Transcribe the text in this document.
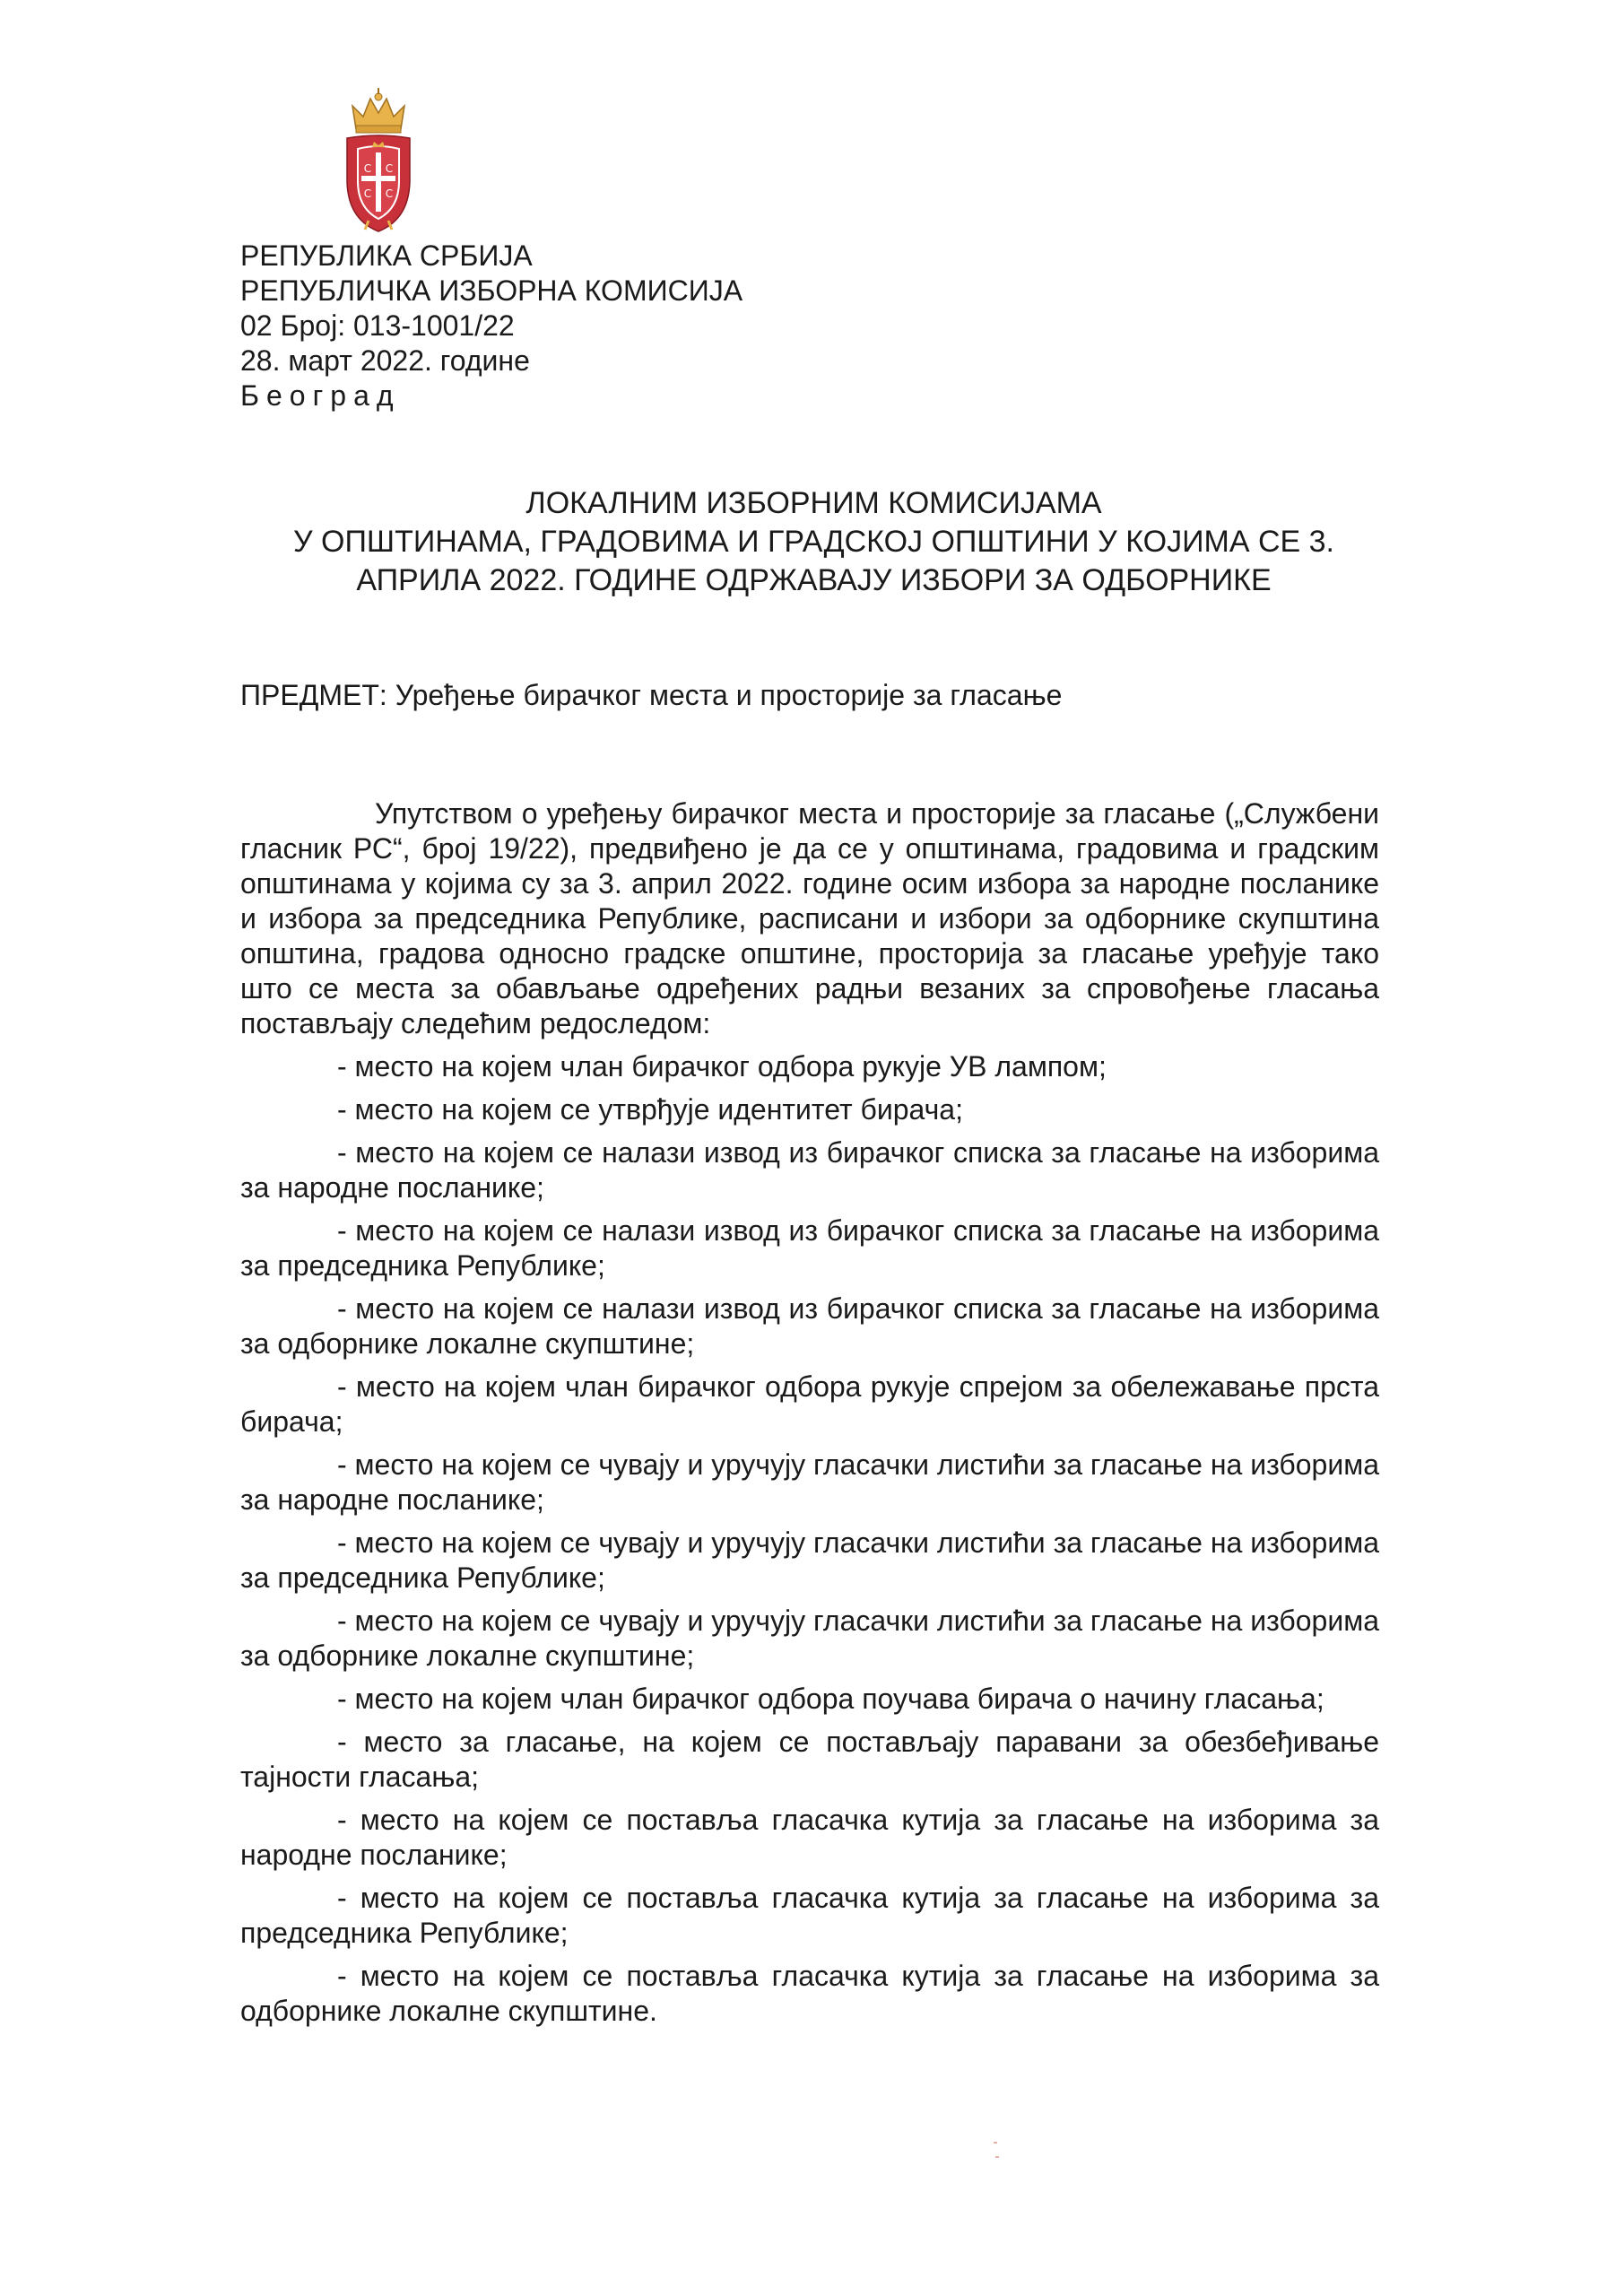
С С
С С
РЕПУБЛИКА СРБИЈА
РЕПУБЛИЧКА ИЗБОРНА КОМИСИЈА
02 Број: 013-1001/22
28. март 2022. године
Београд
ЛОКАЛНИМ ИЗБОРНИМ КОМИСИЈАМА
У ОПШТИНАМА, ГРАДОВИМА И ГРАДСКОЈ ОПШТИНИ У КОЈИМА СЕ 3.
АПРИЛА 2022. ГОДИНЕ ОДРЖАВАЈУ ИЗБОРИ ЗА ОДБОРНИКЕ
ПРЕДМЕТ: Уређење бирачког места и просторије за гласање

Упутством о уређењу бирачког места и просторије за гласање („Службени гласник РС“, број 19/22), предвиђено је да се у општинама, градовима и градским општинама у којима су за 3. април 2022. године осим избора за народне посланике и избора за председника Републике, расписани и избори за одборнике скупштина општина, градова односно градске општине, просторија за гласање уређује тако што се места за обављање одређених радњи везаних за спровођење гласања постављају следећим редоследом:

- место на којем члан бирачког одбора рукује УВ лампом;
- место на којем се утврђује идентитет бирача;
- место на којем се налази извод из бирачког списка за гласање на изборима за народне посланике;
- место на којем се налази извод из бирачког списка за гласање на изборима за председника Републике;
- место на којем се налази извод из бирачког списка за гласање на изборима за одборнике локалне скупштине;
- место на којем члан бирачког одбора рукује спрејом за обележавање прста бирача;
- место на којем се чувају и уручују гласачки листићи за гласање на изборима за народне посланике;
- место на којем се чувају и уручују гласачки листићи за гласање на изборима за председника Републике;
- место на којем се чувају и уручују гласачки листићи за гласање на изборима за одборнике локалне скупштине;
- место на којем члан бирачког одбора поучава бирача о начину гласања;
- место за гласање, на којем се постављају паравани за обезбеђивање тајности гласања;
- место на којем се поставља гласачка кутија за гласање на изборима за народне посланике;
- место на којем се поставља гласачка кутија за гласање на изборима за председника Републике;
- место на којем се поставља гласачка кутија за гласање на изборима за одборнике локалне скупштине.
